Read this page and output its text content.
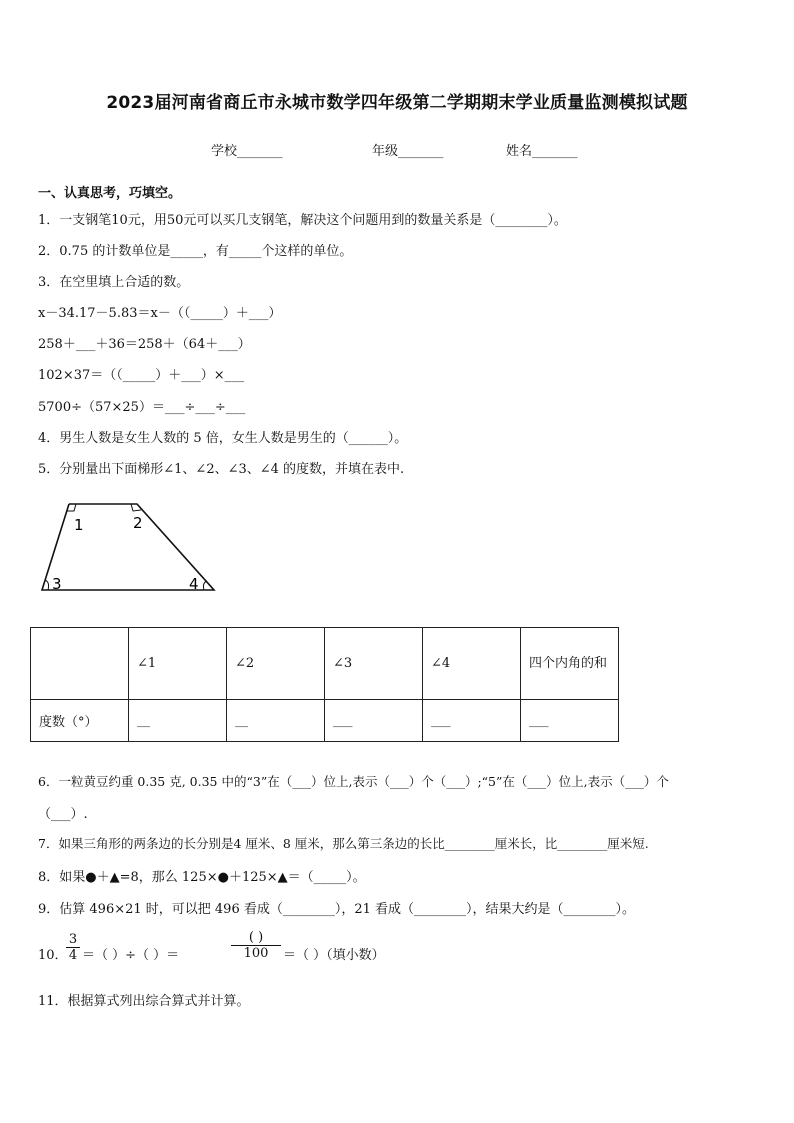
2023届河南省商丘市永城市数学四年级第二学期期末学业质量监测模拟试题
学校_______	年级_______	姓名_______
一、认真思考，巧填空。
1．一支钢笔10元，用50元可以买几支钢笔，解决这个问题用到的数量关系是（________）。
2．0.75 的计数单位是_____，有_____个这样的单位。
3．在空里填上合适的数。
x－34.17－5.83＝x－（（_____）＋___）
258＋___＋36＝258＋（64＋___）
102×37＝（（_____）＋___）×___
5700÷（57×25）＝___÷___÷___
4．男生人数是女生人数的 5 倍，女生人数是男生的（______）。
5．分别量出下面梯形∠1、∠2、∠3、∠4 的度数，并填在表中.
1	2
3	4
	∠1	∠2	∠3	∠4	四个内角的和
度数（°）	__	__	___	___	___
6．一粒黄豆约重 0.35 克, 0.35 中的“3”在（___）位上,表示（___）个（___）;“5”在（___）位上,表示（___）个
（___）.
7．如果三角形的两条边的长分别是4 厘米、8 厘米，那么第三条边的长比________厘米长，比________厘米短.
8．如果●＋▲=8，那么 125×●＋125×▲＝（_____）。
9．估算 496×21 时，可以把 496 看成（________），21 看成（________），结果大约是（________）。
10．
3
4 ＝（ ）÷（ ）＝
( )
100	＝（ ）（填小数）
11．根据算式列出综合算式并计算。
